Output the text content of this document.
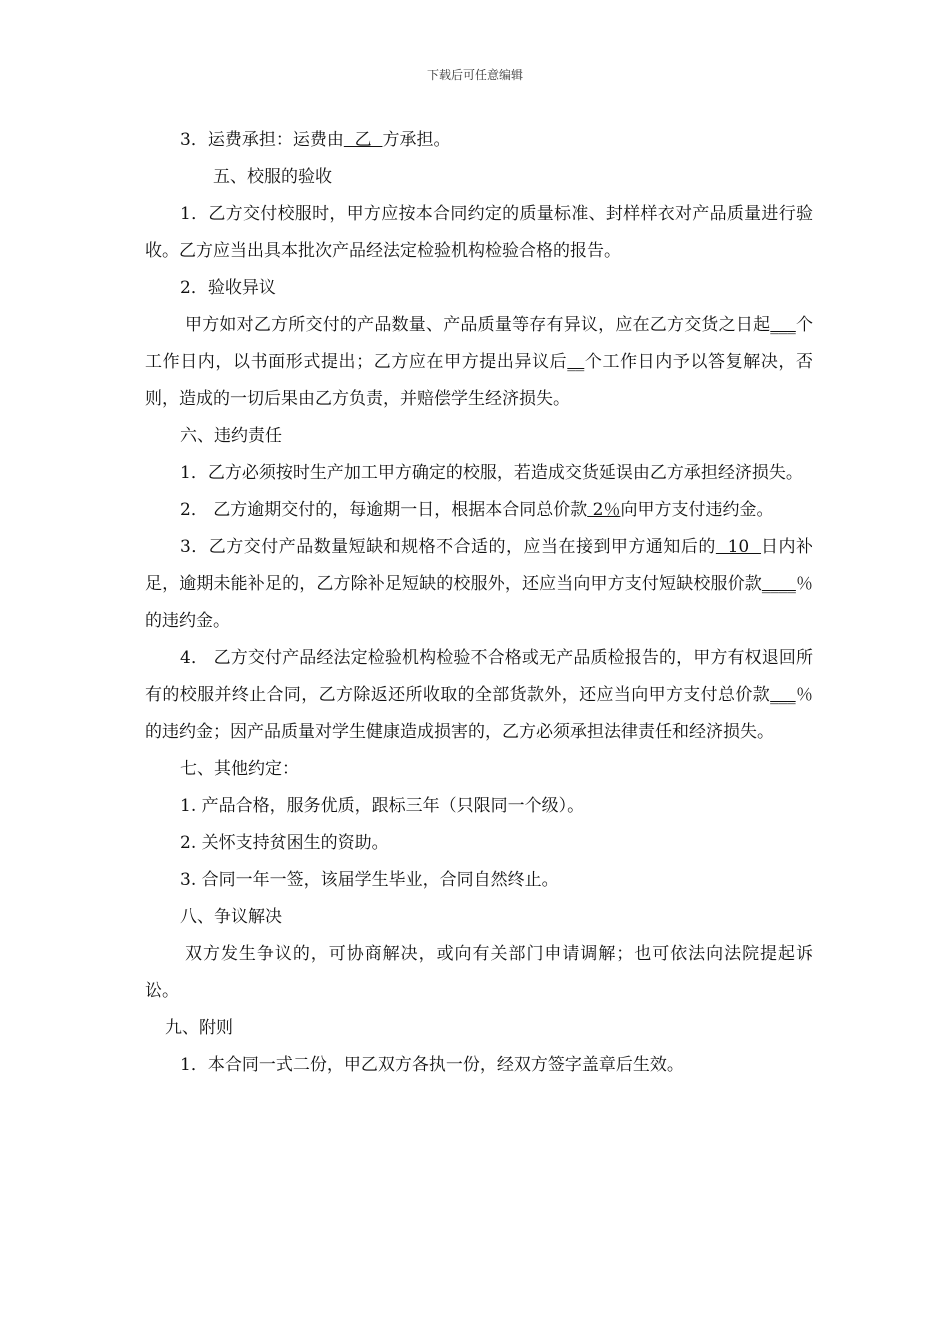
下载后可任意编辑

3．运费承担：运费由  乙  方承担。

五、校服的验收

1．乙方交付校服时，甲方应按本合同约定的质量标准、封样样衣对产品质量进行验收。乙方应当出具本批次产品经法定检验机构检验合格的报告。

2．验收异议

甲方如对乙方所交付的产品数量、产品质量等存有异议，应在乙方交货之日起___个工作日内，以书面形式提出；乙方应在甲方提出异议后__个工作日内予以答复解决，否则，造成的一切后果由乙方负责，并赔偿学生经济损失。

六、违约责任

1．乙方必须按时生产加工甲方确定的校服，若造成交货延误由乙方承担经济损失。

2． 乙方逾期交付的，每逾期一日，根据本合同总价款 2％向甲方支付违约金。

3．乙方交付产品数量短缺和规格不合适的，应当在接到甲方通知后的  10  日内补足，逾期未能补足的，乙方除补足短缺的校服外，还应当向甲方支付短缺校服价款____％的违约金。

4． 乙方交付产品经法定检验机构检验不合格或无产品质检报告的，甲方有权退回所有的校服并终止合同，乙方除返还所收取的全部货款外，还应当向甲方支付总价款___％的违约金；因产品质量对学生健康造成损害的，乙方必须承担法律责任和经济损失。

七、其他约定：

1. 产品合格，服务优质，跟标三年（只限同一个级）。

2. 关怀支持贫困生的资助。

3. 合同一年一签，该届学生毕业，合同自然终止。

八、争议解决

双方发生争议的，可协商解决，或向有关部门申请调解；也可依法向法院提起诉讼。

九、附则

1．本合同一式二份，甲乙双方各执一份，经双方签字盖章后生效。
